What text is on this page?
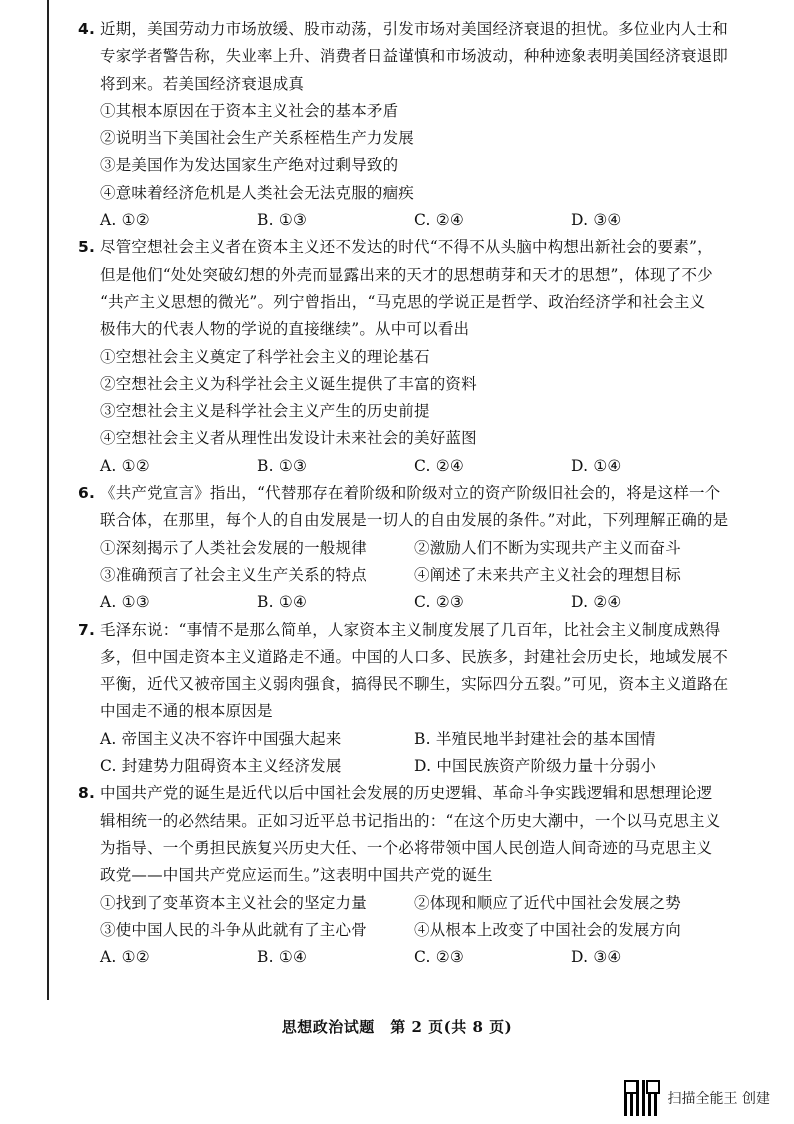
4. 近期，美国劳动力市场放缓、股市动荡，引发市场对美国经济衰退的担忧。多位业内人士和
专家学者警告称，失业率上升、消费者日益谨慎和市场波动，种种迹象表明美国经济衰退即
将到来。若美国经济衰退成真
①其根本原因在于资本主义社会的基本矛盾
②说明当下美国社会生产关系桎梏生产力发展
③是美国作为发达国家生产绝对过剩导致的
④意味着经济危机是人类社会无法克服的痼疾
A. ①②	B. ①③	C. ②④	D. ③④
5. 尽管空想社会主义者在资本主义还不发达的时代“不得不从头脑中构想出新社会的要素”，
但是他们“处处突破幻想的外壳而显露出来的天才的思想萌芽和天才的思想”，体现了不少
“共产主义思想的微光”。列宁曾指出，“马克思的学说正是哲学、政治经济学和社会主义
极伟大的代表人物的学说的直接继续”。从中可以看出
①空想社会主义奠定了科学社会主义的理论基石
②空想社会主义为科学社会主义诞生提供了丰富的资料
③空想社会主义是科学社会主义产生的历史前提
④空想社会主义者从理性出发设计未来社会的美好蓝图
A. ①②	B. ①③	C. ②④	D. ①④
6. 《共产党宣言》指出，“代替那存在着阶级和阶级对立的资产阶级旧社会的，将是这样一个
联合体，在那里，每个人的自由发展是一切人的自由发展的条件。”对此，下列理解正确的是
①深刻揭示了人类社会发展的一般规律	②激励人们不断为实现共产主义而奋斗
③准确预言了社会主义生产关系的特点	④阐述了未来共产主义社会的理想目标
A. ①③	B. ①④	C. ②③	D. ②④
7. 毛泽东说：“事情不是那么简单，人家资本主义制度发展了几百年，比社会主义制度成熟得
多，但中国走资本主义道路走不通。中国的人口多、民族多，封建社会历史长，地域发展不
平衡，近代又被帝国主义弱肉强食，搞得民不聊生，实际四分五裂。”可见，资本主义道路在
中国走不通的根本原因是
A. 帝国主义决不容许中国强大起来	B. 半殖民地半封建社会的基本国情
C. 封建势力阻碍资本主义经济发展	D. 中国民族资产阶级力量十分弱小
8. 中国共产党的诞生是近代以后中国社会发展的历史逻辑、革命斗争实践逻辑和思想理论逻
辑相统一的必然结果。正如习近平总书记指出的：“在这个历史大潮中，一个以马克思主义
为指导、一个勇担民族复兴历史大任、一个必将带领中国人民创造人间奇迹的马克思主义
政党——中国共产党应运而生。”这表明中国共产党的诞生
①找到了变革资本主义社会的坚定力量	②体现和顺应了近代中国社会发展之势
③使中国人民的斗争从此就有了主心骨	④从根本上改变了中国社会的发展方向
A. ①②	B. ①④	C. ②③	D. ③④
思想政治试题　第 2 页(共 8 页)
扫描全能王 创建
